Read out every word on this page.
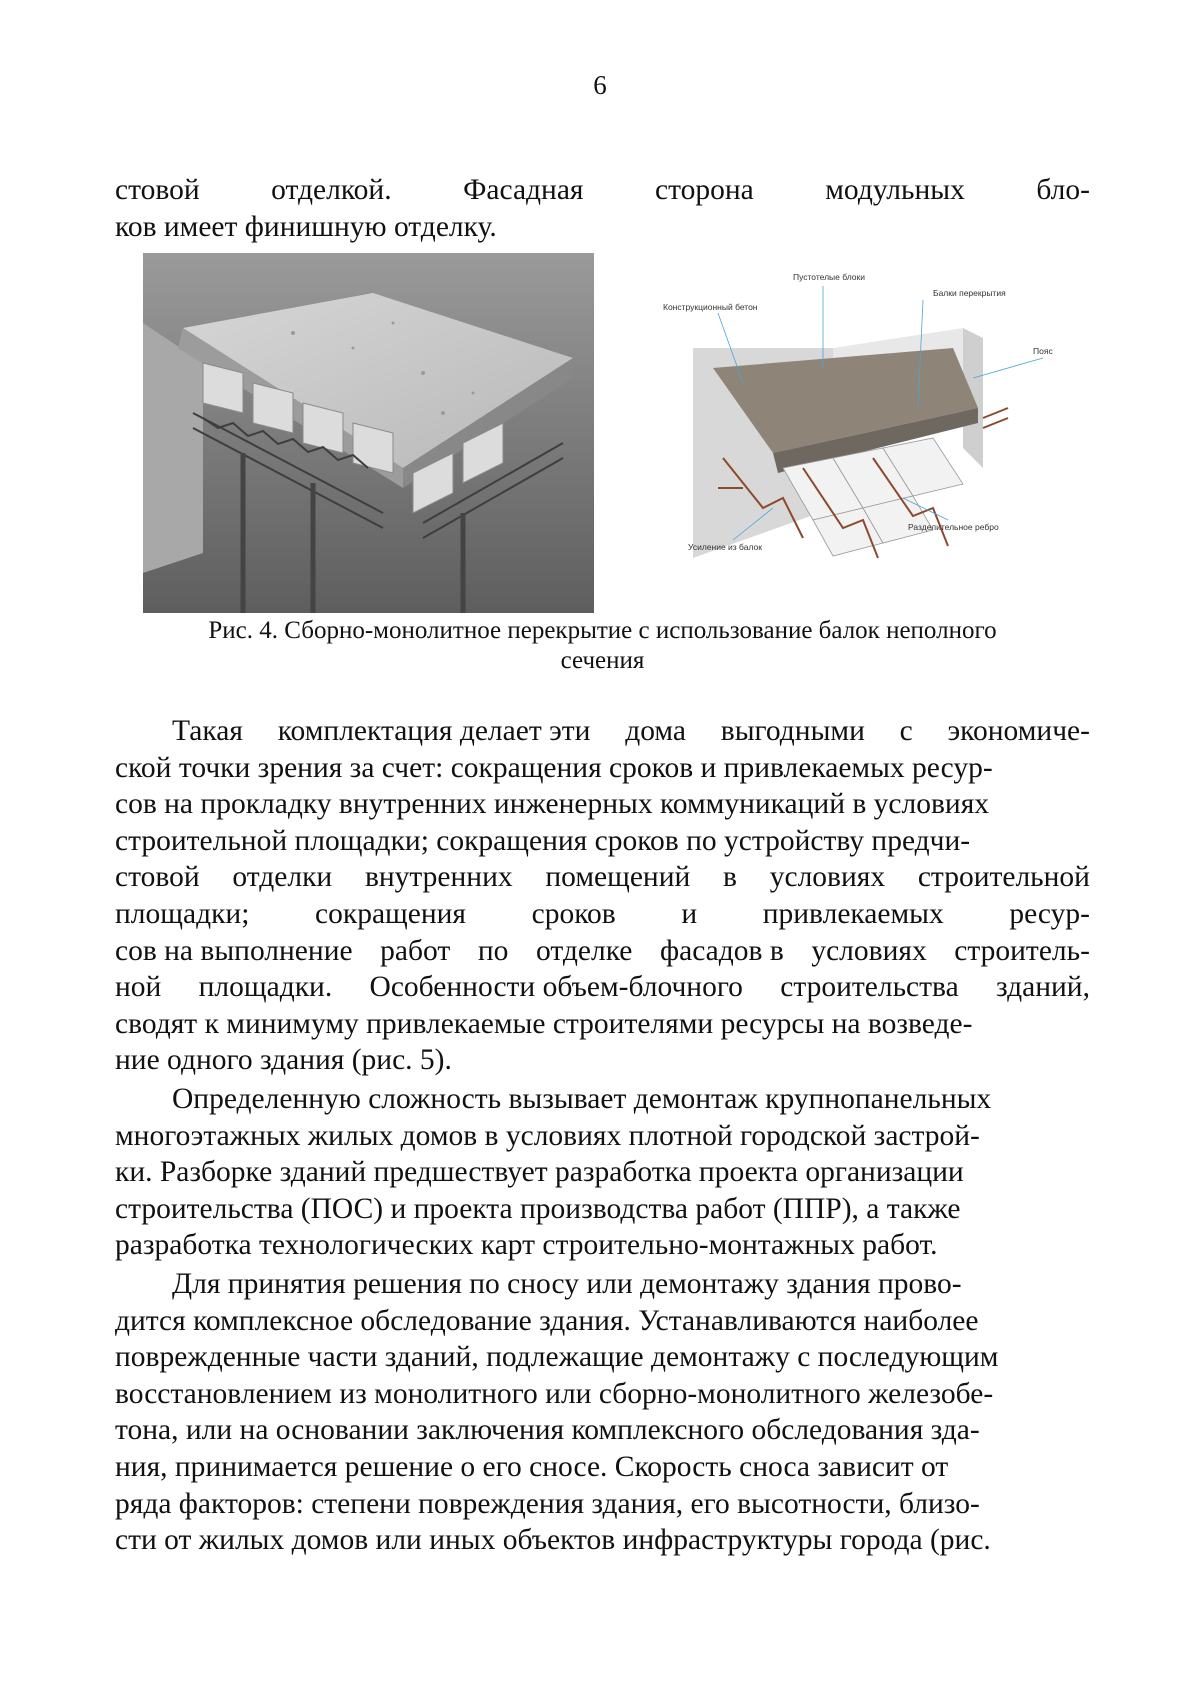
6
стовой отделкой. Фасадная сторона модульных бло-
ков имеет финишную отделку.
Пустотелые блоки
Балки перекрытия
Конструкционный бетон
Пояс
Усиление из балок
Разделительное ребро
Рис. 4. Сборно-монолитное перекрытие с использование балок неполного
сечения
Такая комплектация делает эти дома выгодными с экономиче-
ской точки зрения за счет: сокращения сроков и привлекаемых ресур-
сов на прокладку внутренних инженерных коммуникаций в условиях
строительной площадки; сокращения сроков по устройству предчи-
стовой отделки внутренних помещений в условиях строительной
площадки; сокращения сроков и привлекаемых ресур-
сов на выполнение работ по отделке фасадов в условиях строитель-
ной площадки. Особенности объем-блочного строительства зданий,
сводят к минимуму привлекаемые строителями ресурсы на возведе-
ние одного здания (рис. 5).
Определенную сложность вызывает демонтаж крупнопанельных
многоэтажных жилых домов в условиях плотной городской застрой-
ки. Разборке зданий предшествует разработка проекта организации
строительства (ПОС) и проекта производства работ (ППР), а также
разработка технологических карт строительно-монтажных работ.
Для принятия решения по сносу или демонтажу здания прово-
дится комплексное обследование здания. Устанавливаются наиболее
поврежденные части зданий, подлежащие демонтажу с последующим
восстановлением из монолитного или сборно-монолитного железобе-
тона, или на основании заключения комплексного обследования зда-
ния, принимается решение о его сносе. Скорость сноса зависит от
ряда факторов: степени повреждения здания, его высотности, близо-
сти от жилых домов или иных объектов инфраструктуры города (рис.
